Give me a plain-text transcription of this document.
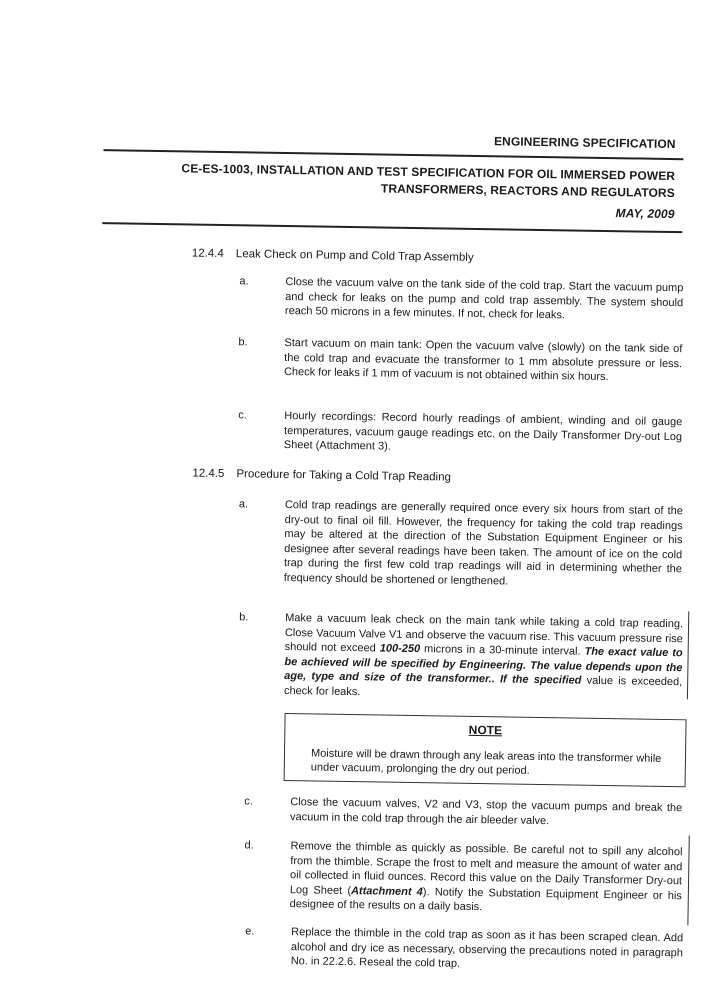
ENGINEERING SPECIFICATION
CE-ES-1003, INSTALLATION AND TEST SPECIFICATION FOR OIL IMMERSED POWER TRANSFORMERS, REACTORS AND REGULATORS
MAY, 2009
12.4.4 Leak Check on Pump and Cold Trap Assembly
a.	Close the vacuum valve on the tank side of the cold trap. Start the vacuum pump and check for leaks on the pump and cold trap assembly. The system should reach 50 microns in a few minutes. If not, check for leaks.
b.	Start vacuum on main tank: Open the vacuum valve (slowly) on the tank side of the cold trap and evacuate the transformer to 1 mm absolute pressure or less. Check for leaks if 1 mm of vacuum is not obtained within six hours.
c.	Hourly recordings: Record hourly readings of ambient, winding and oil gauge temperatures, vacuum gauge readings etc. on the Daily Transformer Dry-out Log Sheet (Attachment 3).
12.4.5 Procedure for Taking a Cold Trap Reading
a.	Cold trap readings are generally required once every six hours from start of the dry-out to final oil fill. However, the frequency for taking the cold trap readings may be altered at the direction of the Substation Equipment Engineer or his designee after several readings have been taken. The amount of ice on the cold trap during the first few cold trap readings will aid in determining whether the frequency should be shortened or lengthened.
b.	Make a vacuum leak check on the main tank while taking a cold trap reading. Close Vacuum Valve V1 and observe the vacuum rise. This vacuum pressure rise should not exceed 100-250 microns in a 30-minute interval. The exact value to be achieved will be specified by Engineering. The value depends upon the age, type and size of the transformer.. If the specified value is exceeded, check for leaks.
NOTE
Moisture will be drawn through any leak areas into the transformer while under vacuum, prolonging the dry out period.
c.	Close the vacuum valves, V2 and V3, stop the vacuum pumps and break the vacuum in the cold trap through the air bleeder valve.
d.	Remove the thimble as quickly as possible. Be careful not to spill any alcohol from the thimble. Scrape the frost to melt and measure the amount of water and oil collected in fluid ounces. Record this value on the Daily Transformer Dry-out Log Sheet (Attachment 4). Notify the Substation Equipment Engineer or his designee of the results on a daily basis.
e.	Replace the thimble in the cold trap as soon as it has been scraped clean. Add alcohol and dry ice as necessary, observing the precautions noted in paragraph No. in 22.2.6. Reseal the cold trap.
